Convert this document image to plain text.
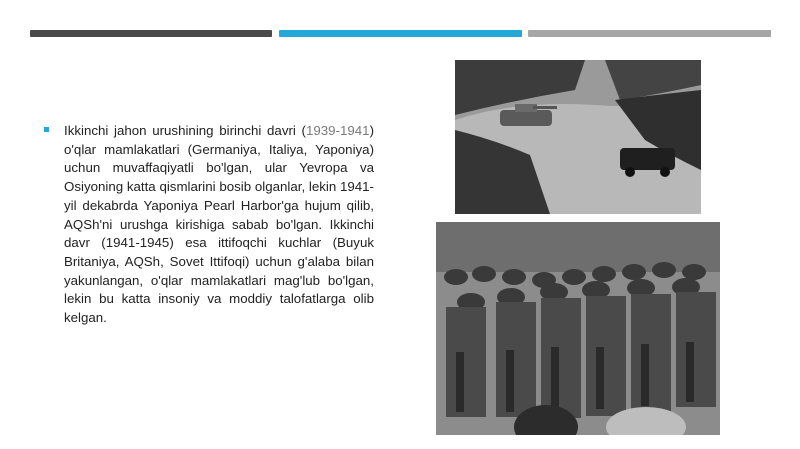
Ikkinchi jahon urushining birinchi davri (1939-1941) o'qlar mamlakatlari (Germaniya, Italiya, Yaponiya) uchun muvaffaqiyatli bo'lgan, ular Yevropa va Osiyoning katta qismlarini bosib olganlar, lekin 1941-yil dekabrda Yaponiya Pearl Harbor'ga hujum qilib, AQSh'ni urushga kirishiga sabab bo'lgan. Ikkinchi davr (1941-1945) esa ittifoqchi kuchlar (Buyuk Britaniya, AQSh, Sovet Ittifoqi) uchun g'alaba bilan yakunlangan, o'qlar mamlakatlari mag'lub bo'lgan, lekin bu katta insoniy va moddiy talofatlarga olib kelgan.
